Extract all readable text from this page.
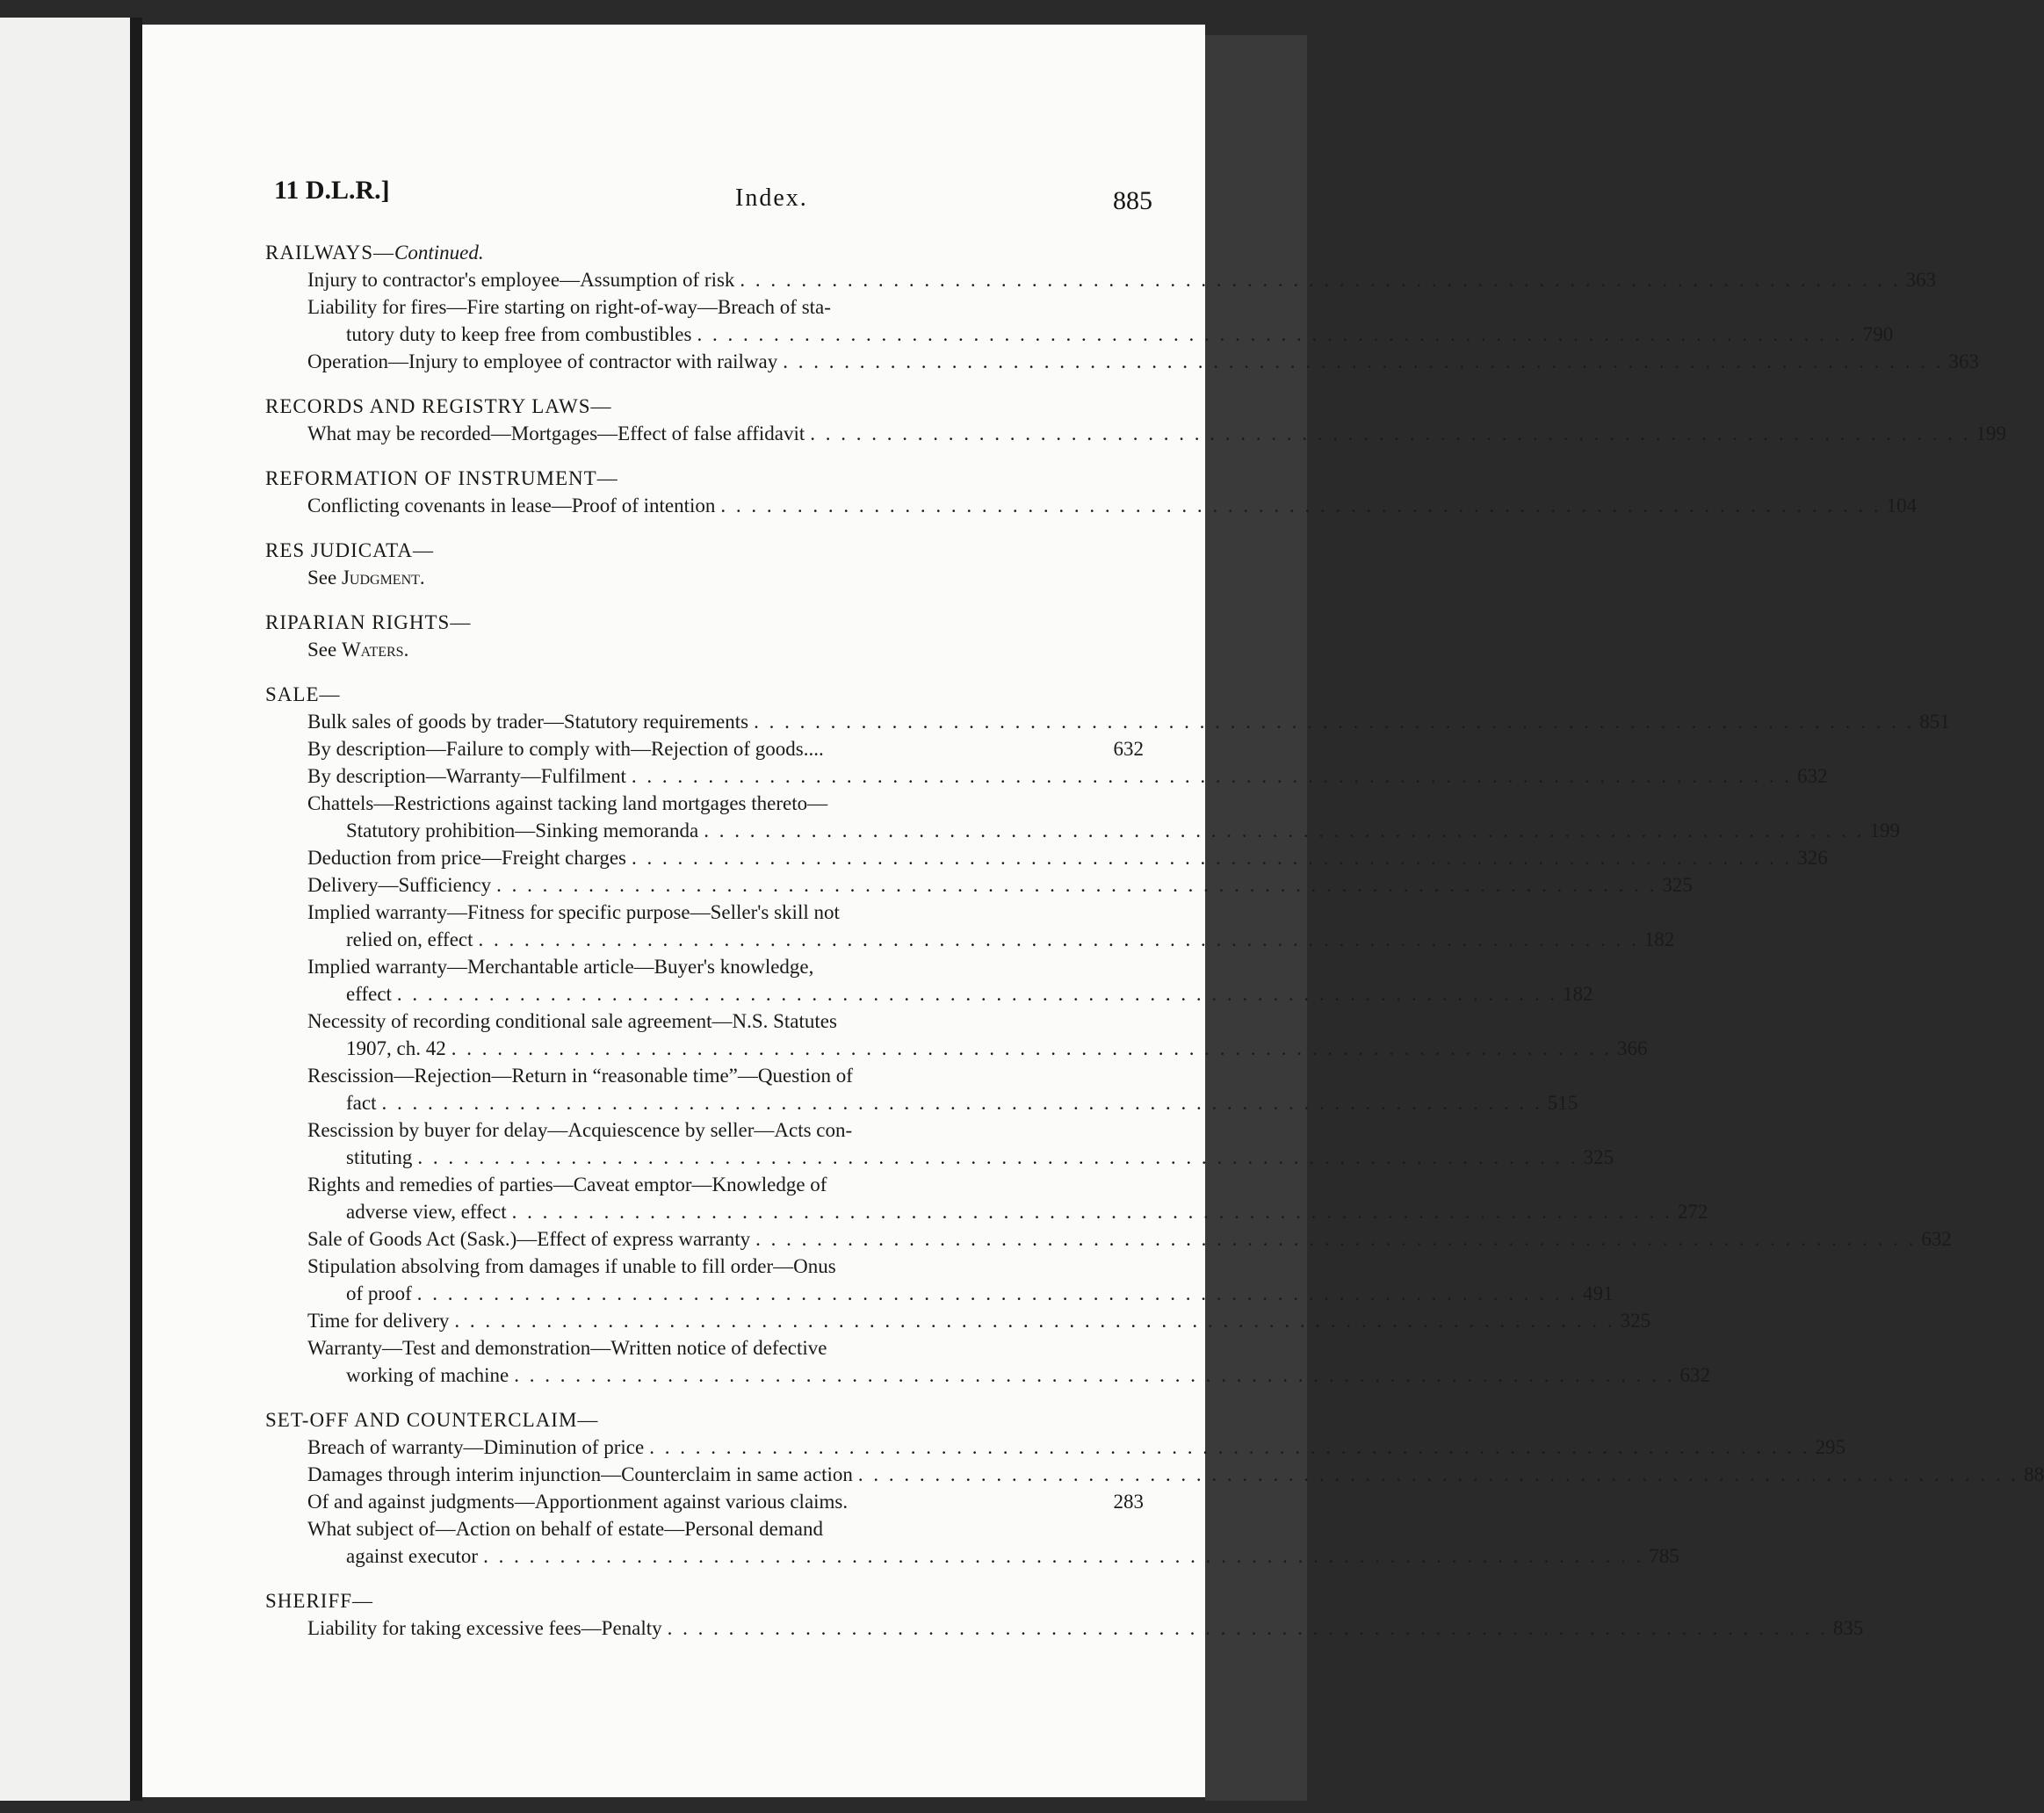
11 D.L.R.]	Index.	885
RAILWAYS—Continued.
Injury to contractor's employee—Assumption of risk . . . . . . . . . . . . . . . . . . . . . . . . . . . . . . . . . . . . . . . . . . . . . . . . . . . . . . . . . . . . . . . . . . . . . . . . . . . . 363
Liability for fires—Fire starting on right-of-way—Breach of sta-
tutory duty to keep free from combustibles . . . . . . . . . . . . . . . . . . . . . . . . . . . . . . . . . . . . . . . . . . . . . . . . . . . . . . . . . . . . . . . . . . . . . . . . . . . . 790
Operation—Injury to employee of contractor with railway . . . . . . . . . . . . . . . . . . . . . . . . . . . . . . . . . . . . . . . . . . . . . . . . . . . . . . . . . . . . . . . . . . . . . . . . . . . . 363
RECORDS AND REGISTRY LAWS—
What may be recorded—Mortgages—Effect of false affidavit . . . . . . . . . . . . . . . . . . . . . . . . . . . . . . . . . . . . . . . . . . . . . . . . . . . . . . . . . . . . . . . . . . . . . . . . . . . . 199
REFORMATION OF INSTRUMENT—
Conflicting covenants in lease—Proof of intention . . . . . . . . . . . . . . . . . . . . . . . . . . . . . . . . . . . . . . . . . . . . . . . . . . . . . . . . . . . . . . . . . . . . . . . . . . . . 104
RES JUDICATA—
See Judgment.
RIPARIAN RIGHTS—
See Waters.
SALE—
Bulk sales of goods by trader—Statutory requirements . . . . . . . . . . . . . . . . . . . . . . . . . . . . . . . . . . . . . . . . . . . . . . . . . . . . . . . . . . . . . . . . . . . . . . . . . . . . 851
By description—Failure to comply with—Rejection of goods....	632
By description—Warranty—Fulfilment . . . . . . . . . . . . . . . . . . . . . . . . . . . . . . . . . . . . . . . . . . . . . . . . . . . . . . . . . . . . . . . . . . . . . . . . . . . . 632
Chattels—Restrictions against tacking land mortgages thereto—
Statutory prohibition—Sinking memoranda . . . . . . . . . . . . . . . . . . . . . . . . . . . . . . . . . . . . . . . . . . . . . . . . . . . . . . . . . . . . . . . . . . . . . . . . . . . . 199
Deduction from price—Freight charges . . . . . . . . . . . . . . . . . . . . . . . . . . . . . . . . . . . . . . . . . . . . . . . . . . . . . . . . . . . . . . . . . . . . . . . . . . . . 326
Delivery—Sufficiency . . . . . . . . . . . . . . . . . . . . . . . . . . . . . . . . . . . . . . . . . . . . . . . . . . . . . . . . . . . . . . . . . . . . . . . . . . . . 325
Implied warranty—Fitness for specific purpose—Seller's skill not
relied on, effect . . . . . . . . . . . . . . . . . . . . . . . . . . . . . . . . . . . . . . . . . . . . . . . . . . . . . . . . . . . . . . . . . . . . . . . . . . . . 182
Implied warranty—Merchantable article—Buyer's knowledge,
effect . . . . . . . . . . . . . . . . . . . . . . . . . . . . . . . . . . . . . . . . . . . . . . . . . . . . . . . . . . . . . . . . . . . . . . . . . . . . 182
Necessity of recording conditional sale agreement—N.S. Statutes
1907, ch. 42 . . . . . . . . . . . . . . . . . . . . . . . . . . . . . . . . . . . . . . . . . . . . . . . . . . . . . . . . . . . . . . . . . . . . . . . . . . . . 366
Rescission—Rejection—Return in “reasonable time”—Question of
fact . . . . . . . . . . . . . . . . . . . . . . . . . . . . . . . . . . . . . . . . . . . . . . . . . . . . . . . . . . . . . . . . . . . . . . . . . . . . 515
Rescission by buyer for delay—Acquiescence by seller—Acts con-
stituting . . . . . . . . . . . . . . . . . . . . . . . . . . . . . . . . . . . . . . . . . . . . . . . . . . . . . . . . . . . . . . . . . . . . . . . . . . . . 325
Rights and remedies of parties—Caveat emptor—Knowledge of
adverse view, effect . . . . . . . . . . . . . . . . . . . . . . . . . . . . . . . . . . . . . . . . . . . . . . . . . . . . . . . . . . . . . . . . . . . . . . . . . . . . 272
Sale of Goods Act (Sask.)—Effect of express warranty . . . . . . . . . . . . . . . . . . . . . . . . . . . . . . . . . . . . . . . . . . . . . . . . . . . . . . . . . . . . . . . . . . . . . . . . . . . . 632
Stipulation absolving from damages if unable to fill order—Onus
of proof . . . . . . . . . . . . . . . . . . . . . . . . . . . . . . . . . . . . . . . . . . . . . . . . . . . . . . . . . . . . . . . . . . . . . . . . . . . . 491
Time for delivery . . . . . . . . . . . . . . . . . . . . . . . . . . . . . . . . . . . . . . . . . . . . . . . . . . . . . . . . . . . . . . . . . . . . . . . . . . . . 325
Warranty—Test and demonstration—Written notice of defective
working of machine . . . . . . . . . . . . . . . . . . . . . . . . . . . . . . . . . . . . . . . . . . . . . . . . . . . . . . . . . . . . . . . . . . . . . . . . . . . . 632
SET-OFF AND COUNTERCLAIM—
Breach of warranty—Diminution of price . . . . . . . . . . . . . . . . . . . . . . . . . . . . . . . . . . . . . . . . . . . . . . . . . . . . . . . . . . . . . . . . . . . . . . . . . . . . 295
Damages through interim injunction—Counterclaim in same action . . . . . . . . . . . . . . . . . . . . . . . . . . . . . . . . . . . . . . . . . . . . . . . . . . . . . . . . . . . . . . . . . . . . . . . . . . . . 88
Of and against judgments—Apportionment against various claims.	283
What subject of—Action on behalf of estate—Personal demand
against executor . . . . . . . . . . . . . . . . . . . . . . . . . . . . . . . . . . . . . . . . . . . . . . . . . . . . . . . . . . . . . . . . . . . . . . . . . . . . 785
SHERIFF—
Liability for taking excessive fees—Penalty . . . . . . . . . . . . . . . . . . . . . . . . . . . . . . . . . . . . . . . . . . . . . . . . . . . . . . . . . . . . . . . . . . . . . . . . . . . . 835
